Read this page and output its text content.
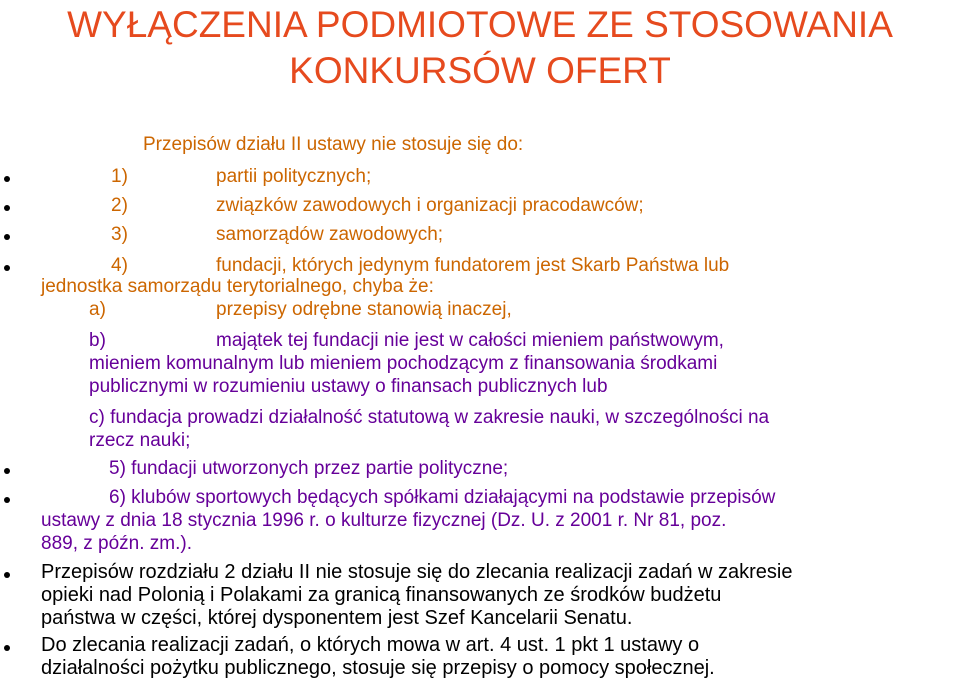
WYŁĄCZENIA PODMIOTOWE ZE STOSOWANIA
KONKURSÓW OFERT
Przepisów działu II ustawy nie stosuje się do:
1)	partii politycznych;
2)	związków zawodowych i organizacji pracodawców;
3)	samorządów zawodowych;
4)	fundacji, których jedynym fundatorem jest Skarb Państwa lub
jednostka samorządu terytorialnego, chyba że:
a)	przepisy odrębne stanowią inaczej,
b)	majątek tej fundacji nie jest w całości mieniem państwowym,
mieniem komunalnym lub mieniem pochodzącym z finansowania środkami
publicznymi w rozumieniu ustawy o finansach publicznych lub
c) fundacja prowadzi działalność statutową w zakresie nauki, w szczególności na
rzecz nauki;
5) fundacji utworzonych przez partie polityczne;
6) klubów sportowych będących spółkami działającymi na podstawie przepisów
ustawy z dnia 18 stycznia 1996 r. o kulturze fizycznej (Dz. U. z 2001 r. Nr 81, poz.
889, z późn. zm.).
Przepisów rozdziału 2 działu II nie stosuje się do zlecania realizacji zadań w zakresie
opieki nad Polonią i Polakami za granicą finansowanych ze środków budżetu
państwa w części, której dysponentem jest Szef Kancelarii Senatu.
Do zlecania realizacji zadań, o których mowa w art. 4 ust. 1 pkt 1 ustawy o
działalności pożytku publicznego, stosuje się przepisy o pomocy społecznej.
